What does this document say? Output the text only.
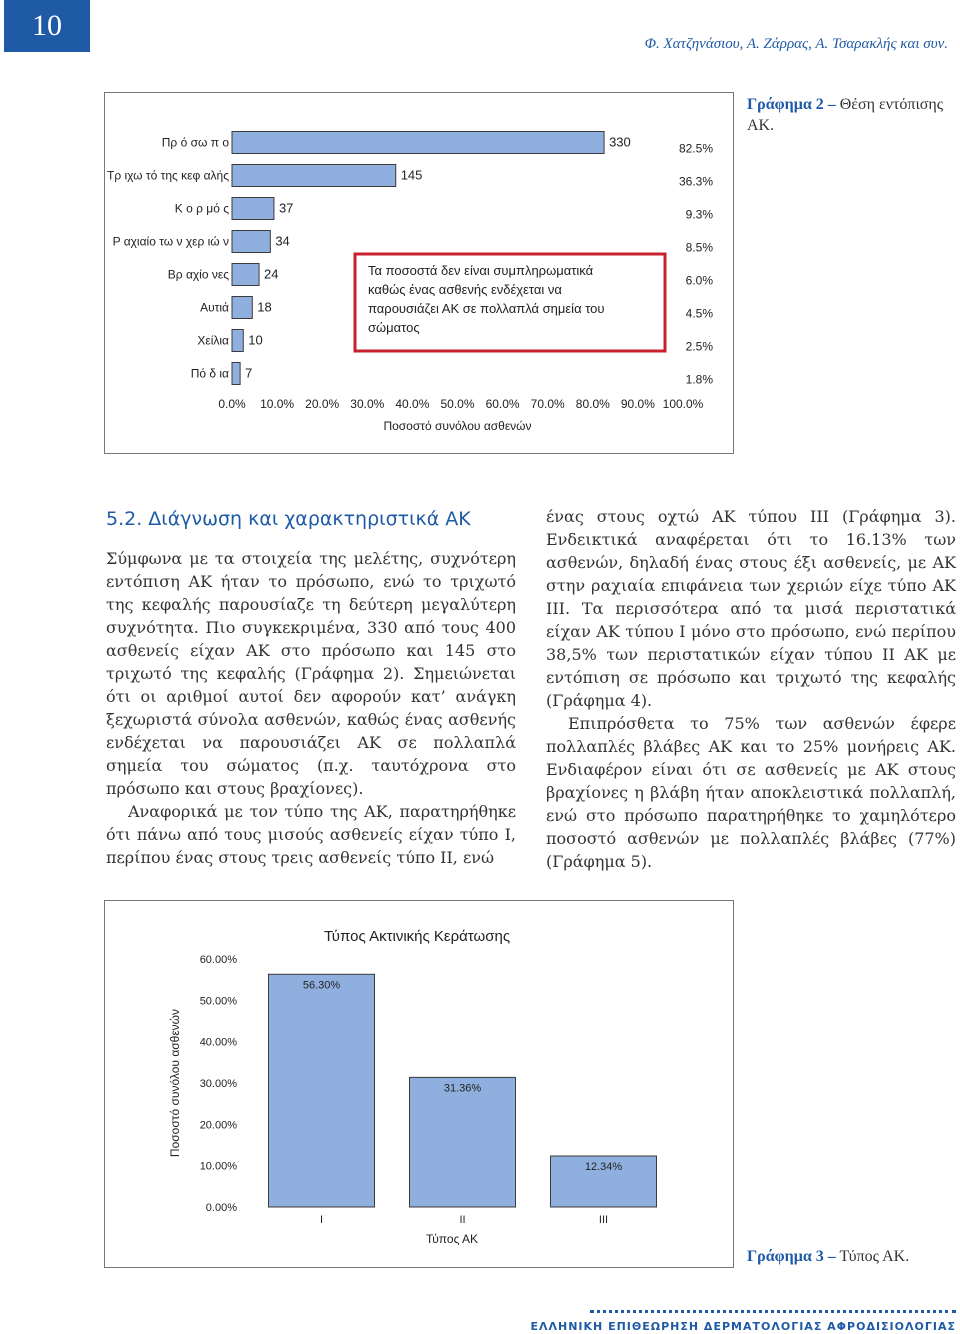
10
Φ. Χατζηνάσιου, Α. Ζάρρας, Α. Τσαρακλής και συν.
Πρ ό σω π ο	330	82.5%
Τρ ιχω τό της κεφ αλής	145	36.3%
Κ ο ρ μό ς	37	9.3%
Ρ αχιαίο τω ν χερ ιώ ν	34	8.5%
Βρ αχίο νες	24	6.0%
Αυτιά 18	4.5%
Χείλια 10	2.5%
Πό δ ια 7	1.8%
0.0% 10.0% 20.0% 30.0% 40.0% 50.0% 60.0% 70.0% 80.0% 90.0% 100.0%
Ποσοστό συνόλου ασθενών
Τα ποσοστά δεν είναι συμπληρωματικά καθώς ένας ασθενής ενδέχεται να παρουσιάζει ΑΚ σε πολλαπλά σημεία του σώματος
Γράφημα 2 – Θέση εντόπισης ΑΚ.
5.2. Διάγνωση και χαρακτηριστικά ΑΚ

Σύμφωνα με τα στοιχεία της μελέτης, συχνότερη εντόπιση ΑΚ ήταν το πρόσωπο, ενώ το τριχωτό της κεφαλής παρουσίαζε τη δεύτερη μεγαλύτερη συχνότητα. Πιο συγκεκριμένα, 330 από τους 400 ασθενείς είχαν ΑΚ στο πρόσωπο και 145 στο τριχωτό της κεφαλής (Γράφημα 2). Σημειώνεται ότι οι αριθμοί αυτοί δεν αφορούν κατ’ ανάγκη ξεχωριστά σύνολα ασθενών, καθώς ένας ασθενής ενδέχεται να παρουσιάζει ΑΚ σε πολλαπλά σημεία του σώματος (π.χ. ταυτόχρονα στο πρόσωπο και στους βραχίονες).

Αναφορικά με τον τύπο της ΑΚ, παρατηρήθηκε ότι πάνω από τους μισούς ασθενείς είχαν τύπο Ι, περίπου ένας στους τρεις ασθενείς τύπο ΙΙ, ενώ

ένας στους οχτώ ΑΚ τύπου ΙΙΙ (Γράφημα 3). Ενδεικτικά αναφέρεται ότι το 16.13% των ασθενών, δηλαδή ένας στους έξι ασθενείς, με ΑΚ στην ραχιαία επιφάνεια των χεριών είχε τύπο ΑΚ ΙΙΙ. Τα περισσότερα από τα μισά περιστατικά είχαν ΑΚ τύπου Ι μόνο στο πρόσωπο, ενώ περίπου 38,5% των περιστατικών είχαν τύπου ΙΙ ΑΚ με εντόπιση σε πρόσωπο και τριχωτό της κεφαλής (Γράφημα 4).

Επιπρόσθετα το 75% των ασθενών έφερε πολλαπλές βλάβες ΑΚ και το 25% μονήρεις ΑΚ. Ενδιαφέρον είναι ότι σε ασθενείς με ΑΚ στους βραχίονες η βλάβη ήταν αποκλειστικά πολλαπλή, ενώ στο πρόσωπο παρατηρήθηκε το χαμηλότερο ποσοστό ασθενών με πολλαπλές βλάβες (77%) (Γράφημα 5).

Τύπος Ακτινικής Κεράτωσης
0.00%
10.00%
20.00%
30.00%
40.00%
50.00%
60.00%
Ποσοστό συνόλου ασθενών
56.30%
I
31.36%
II
12.34%
III
Τύπος ΑΚ
Γράφημα 3 – Τύπος ΑΚ.
ΕΛΛΗΝΙΚΗ ΕΠΙΘΕΩΡΗΣΗ ΔΕΡΜΑΤΟΛΟΓΙΑΣ ΑΦΡΟΔΙΣΙΟΛΟΓΙΑΣ
